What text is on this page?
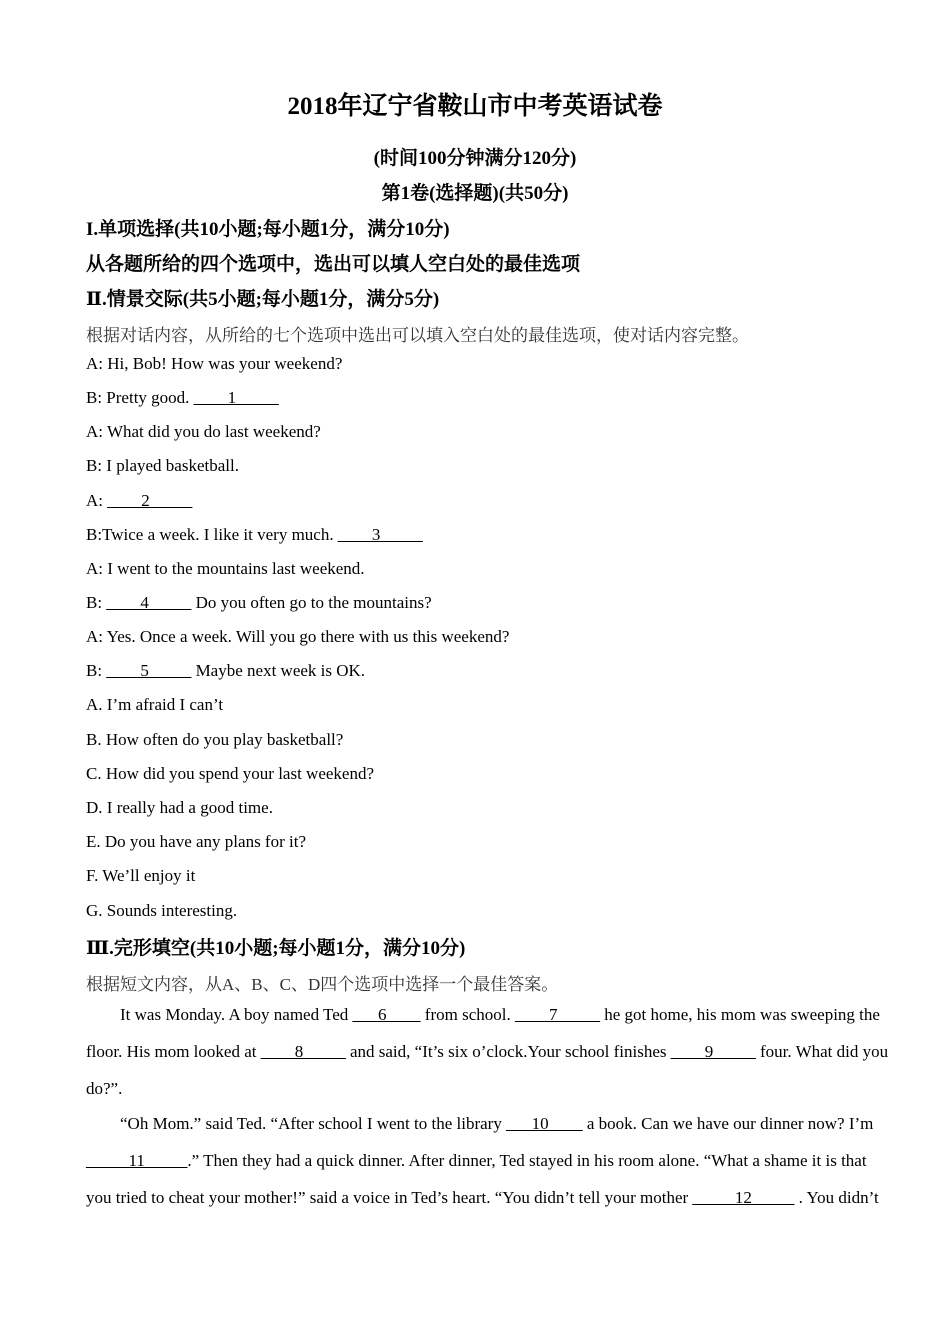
2018年辽宁省鞍山市中考英语试卷
(时间100分钟满分120分)
第1卷(选择题)(共50分)
I.单项选择(共10小题;每小题1分，满分10分)
从各题所给的四个选项中，选出可以填人空白处的最佳选项
Ⅱ.情景交际(共5小题;每小题1分，满分5分)
根据对话内容，从所给的七个选项中选出可以填入空白处的最佳选项，使对话内容完整。
A: Hi, Bob! How was your weekend?
B: Pretty good. ____1_____
A: What did you do last weekend?
B: I played basketball.
A: ____2_____
B:Twice a week. I like it very much. ____3_____
A: I went to the mountains last weekend.
B: ____4_____ Do you often go to the mountains?
A: Yes. Once a week. Will you go there with us this weekend?
B: ____5_____ Maybe next week is OK.
A. I’m afraid I can’t
B. How often do you play basketball?
C. How did you spend your last weekend?
D. I really had a good time.
E. Do you have any plans for it?
F. We’ll enjoy it
G. Sounds interesting.
Ⅲ.完形填空(共10小题;每小题1分，满分10分)
根据短文内容，从A、B、C、D四个选项中选择一个最佳答案。
It was Monday. A boy named Ted ___6____ from school. ____7_____ he got home, his mom was sweeping the
floor. His mom looked at ____8_____ and said, “It’s six o’clock.Your school finishes ____9_____ four. What did you
do?”.
“Oh Mom.” said Ted. “After school I went to the library ___10____ a book. Can we have our dinner now? I’m
_____11_____.” Then they had a quick dinner. After dinner, Ted stayed in his room alone. “What a shame it is that
you tried to cheat your mother!” said a voice in Ted’s heart. “You didn’t tell your mother _____12_____ . You didn’t
